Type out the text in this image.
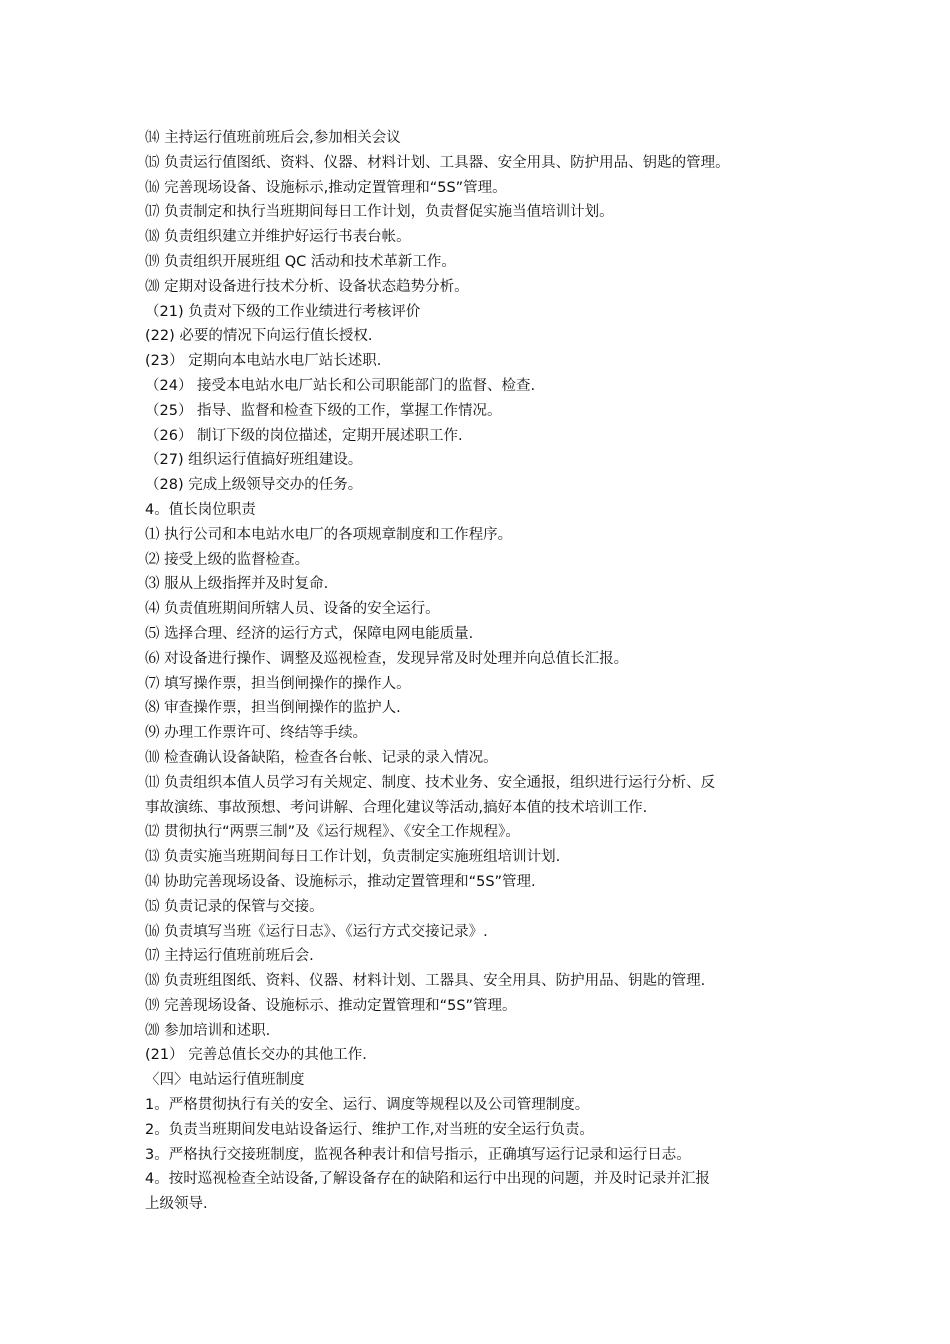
⒁ 主持运行值班前班后会,参加相关会议
⒂ 负责运行值图纸、资料、仪器、材料计划、工具器、安全用具、防护用品、钥匙的管理。
⒃ 完善现场设备、设施标示,推动定置管理和“5S”管理。
⒄ 负责制定和执行当班期间每日工作计划，负责督促实施当值培训计划。
⒅ 负责组织建立并维护好运行书表台帐。
⒆ 负责组织开展班组 QC 活动和技术革新工作。
⒇ 定期对设备进行技术分析、设备状态趋势分析。
（21) 负责对下级的工作业绩进行考核评价
(22) 必要的情况下向运行值长授权.
(23） 定期向本电站水电厂站长述职.
（24） 接受本电站水电厂站长和公司职能部门的监督、检查.
（25） 指导、监督和检查下级的工作，掌握工作情况。
（26） 制订下级的岗位描述，定期开展述职工作.
（27) 组织运行值搞好班组建设。
（28) 完成上级领导交办的任务。
4。值长岗位职责
⑴ 执行公司和本电站水电厂的各项规章制度和工作程序。
⑵ 接受上级的监督检查。
⑶ 服从上级指挥并及时复命.
⑷ 负责值班期间所辖人员、设备的安全运行。
⑸ 选择合理、经济的运行方式，保障电网电能质量.
⑹ 对设备进行操作、调整及巡视检查，发现异常及时处理并向总值长汇报。
⑺ 填写操作票，担当倒闸操作的操作人。
⑻ 审查操作票，担当倒闸操作的监护人.
⑼ 办理工作票许可、终结等手续。
⑽ 检查确认设备缺陷，检查各台帐、记录的录入情况。
⑾ 负责组织本值人员学习有关规定、制度、技术业务、安全通报，组织进行运行分析、反
事故演练、事故预想、考问讲解、合理化建议等活动,搞好本值的技术培训工作.
⑿ 贯彻执行“两票三制”及《运行规程》、《安全工作规程》。
⒀ 负责实施当班期间每日工作计划，负责制定实施班组培训计划.
⒁ 协助完善现场设备、设施标示，推动定置管理和“5S”管理.
⒂ 负责记录的保管与交接。
⒃ 负责填写当班《运行日志》、《运行方式交接记录》.
⒄ 主持运行值班前班后会.
⒅ 负责班组图纸、资料、仪器、材料计划、工器具、安全用具、防护用品、钥匙的管理.
⒆ 完善现场设备、设施标示、推动定置管理和“5S”管理。
⒇ 参加培训和述职.
(21） 完善总值长交办的其他工作.
〈四〉电站运行值班制度
1。严格贯彻执行有关的安全、运行、调度等规程以及公司管理制度。
2。负责当班期间发电站设备运行、维护工作,对当班的安全运行负责。
3。严格执行交接班制度，监视各种表计和信号指示，正确填写运行记录和运行日志。
4。按时巡视检查全站设备,了解设备存在的缺陷和运行中出现的问题，并及时记录并汇报
上级领导.
